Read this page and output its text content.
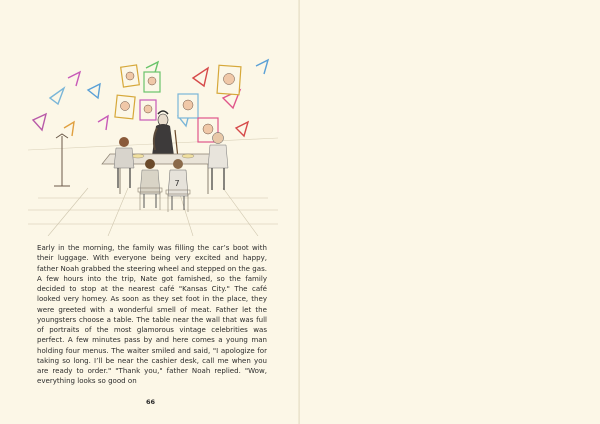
7

Early in the morning, the family was filling the car’s boot with their luggage. With everyone being very excited and happy, father Noah grabbed the steering wheel and stepped on the gas. A few hours into the trip, Nate got famished, so the family decided to stop at the nearest café "Kansas City." The café looked very homey. As soon as they set foot in the place, they were greeted with a wonderful smell of meat. Father let the youngsters choose a table. The table near the wall that was full of portraits of the most glamorous vintage celebrities was perfect. A few minutes pass by and here comes a young man holding four menus. The waiter smiled and said, "I apologize for taking so long. I’ll be near the cashier desk, call me when you are ready to order." "Thank you," father Noah replied. "Wow, everything looks so good on

66
